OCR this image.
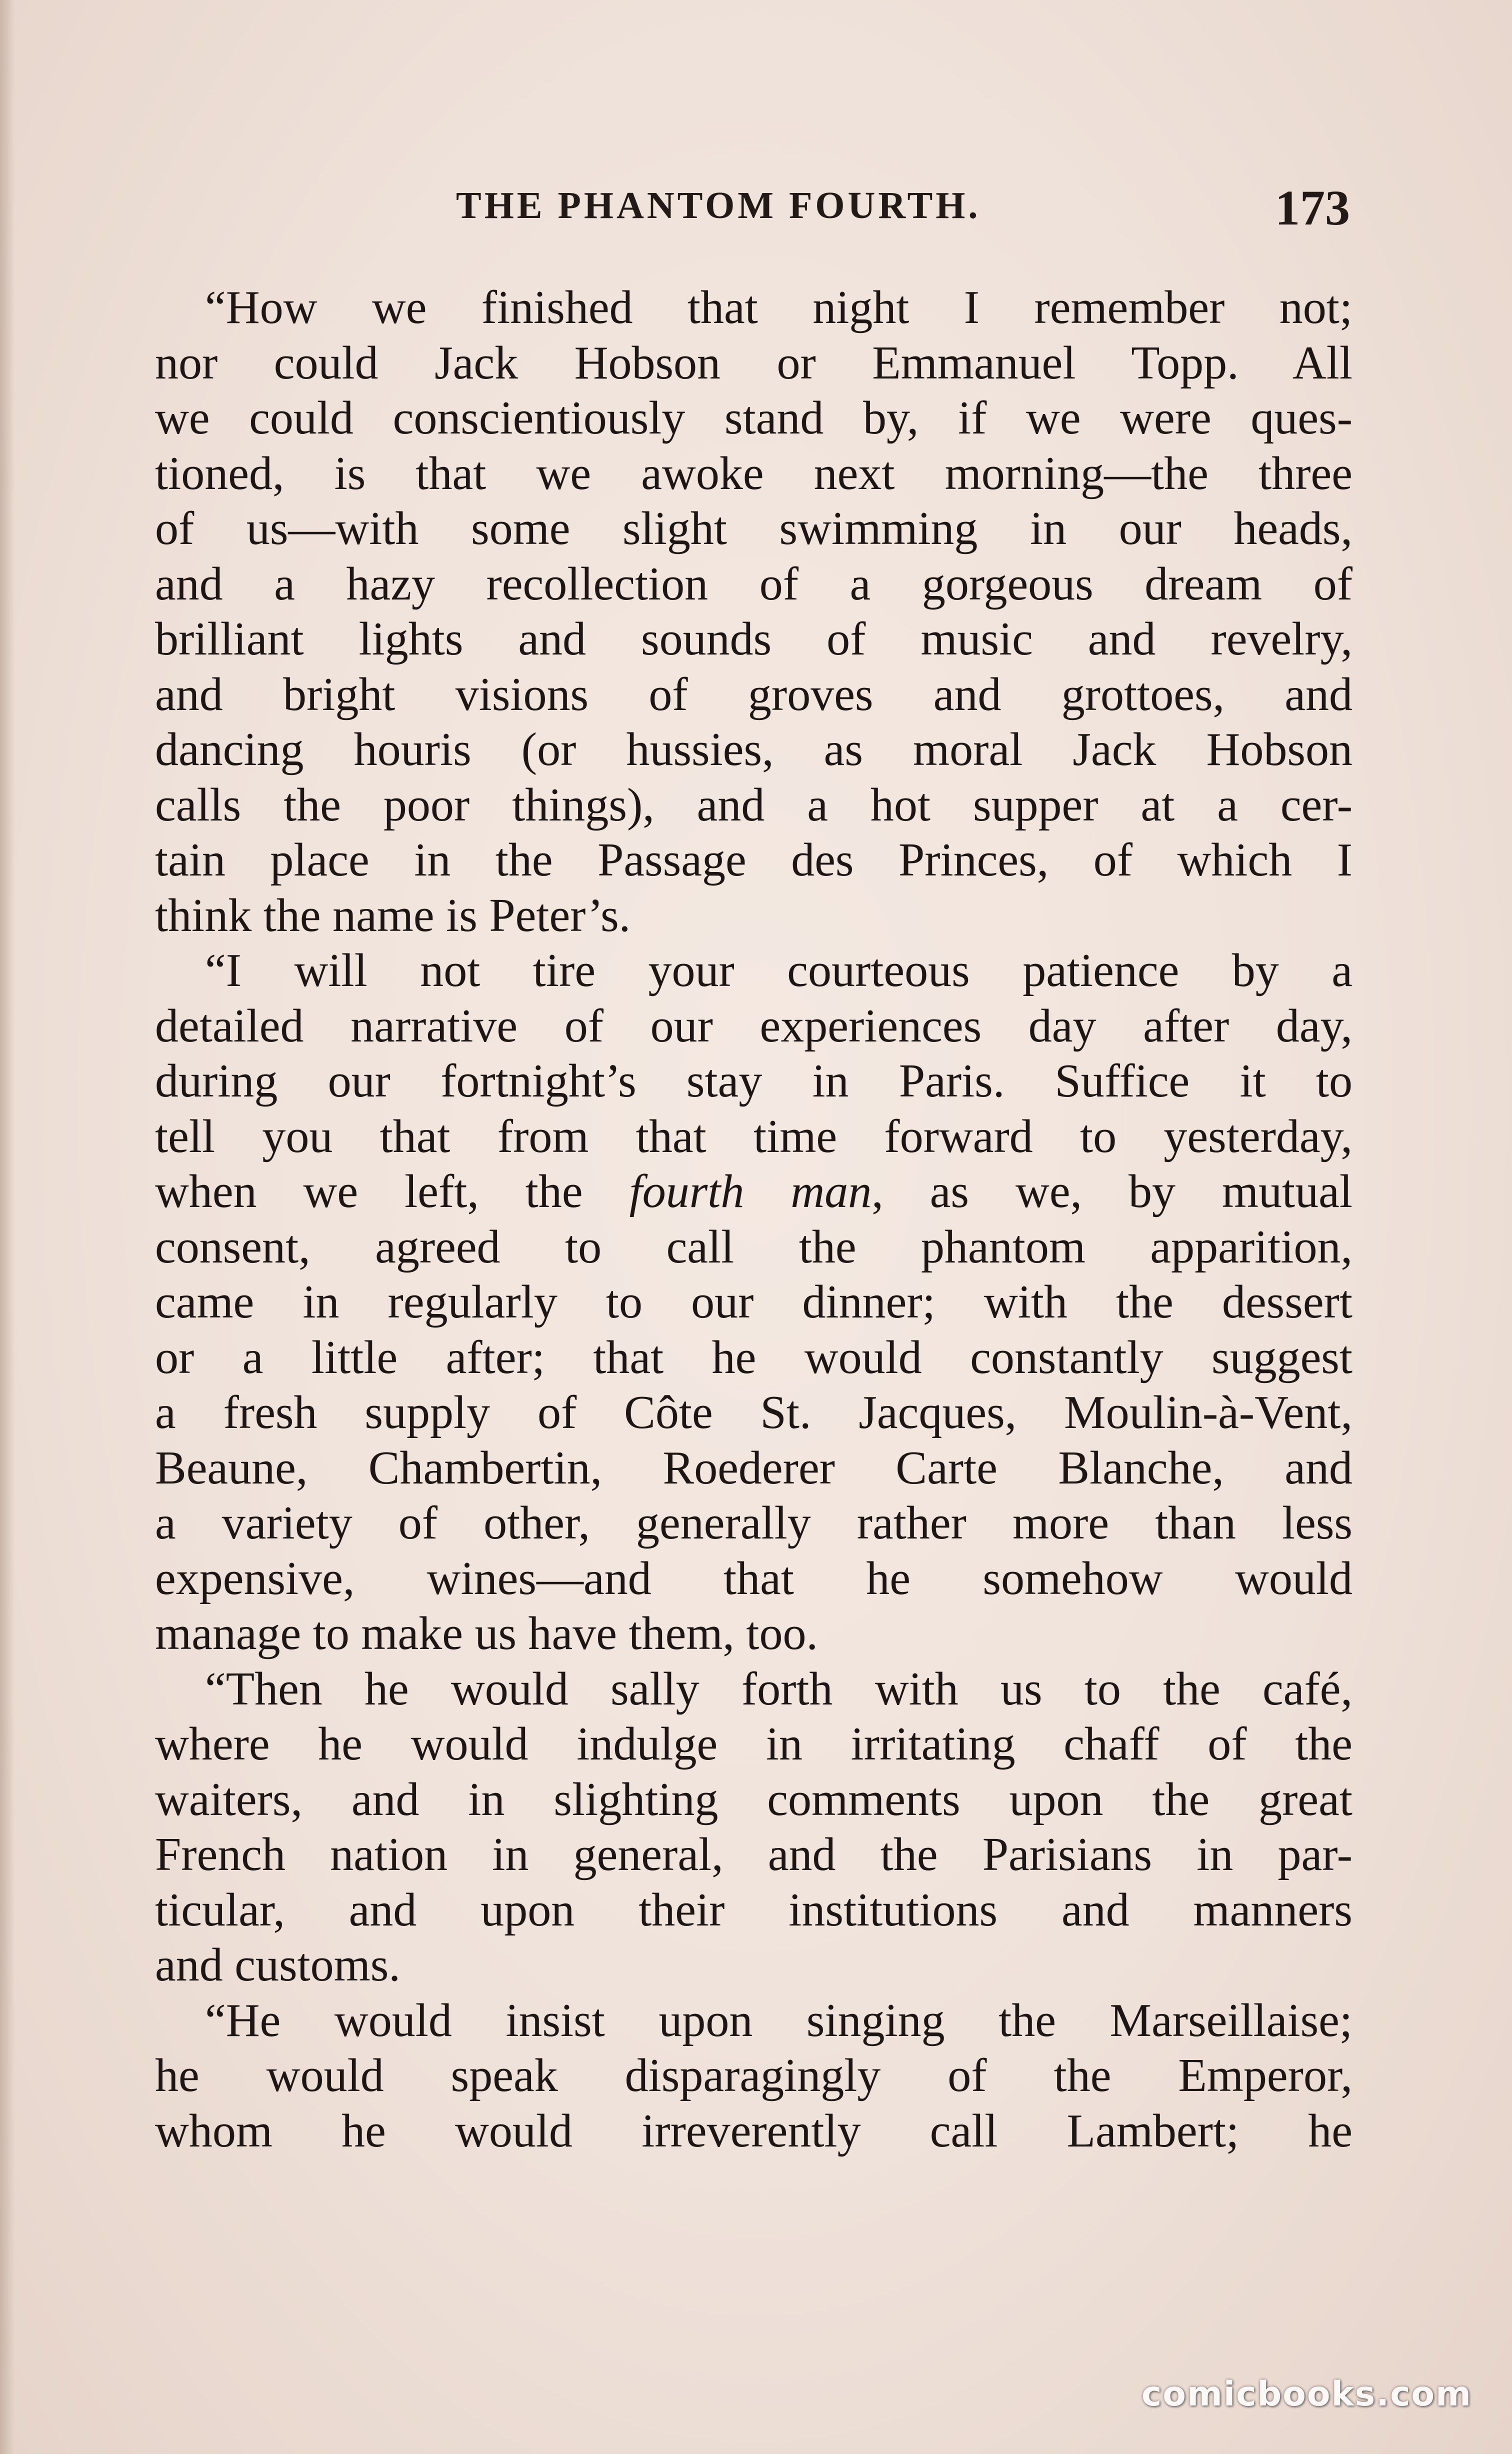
THE PHANTOM FOURTH.	173
“How we finished that night I remember not;
nor could Jack Hobson or Emmanuel Topp. All
we could conscientiously stand by, if we were ques-
tioned, is that we awoke next morning—the three
of us—with some slight swimming in our heads,
and a hazy recollection of a gorgeous dream of
brilliant lights and sounds of music and revelry,
and bright visions of groves and grottoes, and
dancing houris (or hussies, as moral Jack Hobson
calls the poor things), and a hot supper at a cer-
tain place in the Passage des Princes, of which I
think the name is Peter’s.
“I will not tire your courteous patience by a
detailed narrative of our experiences day after day,
during our fortnight’s stay in Paris. Suffice it to
tell you that from that time forward to yesterday,
when we left, the fourth man, as we, by mutual
consent, agreed to call the phantom apparition,
came in regularly to our dinner; with the dessert
or a little after; that he would constantly suggest
a fresh supply of Côte St. Jacques, Moulin-à-Vent,
Beaune, Chambertin, Roederer Carte Blanche, and
a variety of other, generally rather more than less
expensive, wines—and that he somehow would
manage to make us have them, too.
“Then he would sally forth with us to the café,
where he would indulge in irritating chaff of the
waiters, and in slighting comments upon the great
French nation in general, and the Parisians in par-
ticular, and upon their institutions and manners
and customs.
“He would insist upon singing the Marseillaise;
he would speak disparagingly of the Emperor,
whom he would irreverently call Lambert; he
comicbooks.com
